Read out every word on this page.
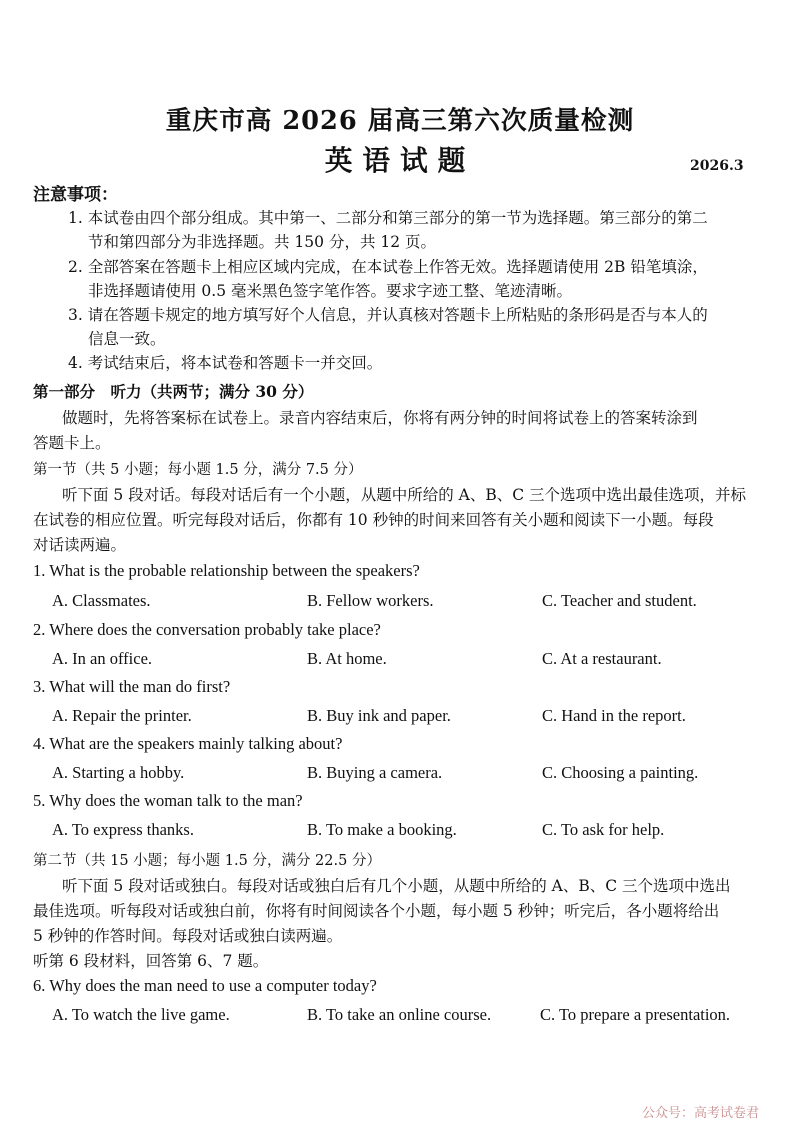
重庆市高 2026 届高三第六次质量检测
英语试题	2026.3
注意事项：
1. 本试卷由四个部分组成。其中第一、二部分和第三部分的第一节为选择题。第三部分的第二
节和第四部分为非选择题。共 150 分，共 12 页。
2. 全部答案在答题卡上相应区域内完成，在本试卷上作答无效。选择题请使用 2B 铅笔填涂，
非选择题请使用 0.5 毫米黑色签字笔作答。要求字迹工整、笔迹清晰。
3. 请在答题卡规定的地方填写好个人信息，并认真核对答题卡上所粘贴的条形码是否与本人的
信息一致。
4. 考试结束后，将本试卷和答题卡一并交回。
第一部分　听力（共两节；满分 30 分）
做题时，先将答案标在试卷上。录音内容结束后，你将有两分钟的时间将试卷上的答案转涂到
答题卡上。
第一节（共 5 小题；每小题 1.5 分，满分 7.5 分）
听下面 5 段对话。每段对话后有一个小题，从题中所给的 A、B、C 三个选项中选出最佳选项，并标
在试卷的相应位置。听完每段对话后，你都有 10 秒钟的时间来回答有关小题和阅读下一小题。每段
对话读两遍。
1. What is the probable relationship between the speakers?
A. Classmates.	B. Fellow workers.	C. Teacher and student.
2. Where does the conversation probably take place?
A. In an office.	B. At home.	C. At a restaurant.
3. What will the man do first?
A. Repair the printer.	B. Buy ink and paper.	C. Hand in the report.
4. What are the speakers mainly talking about?
A. Starting a hobby.	B. Buying a camera.	C. Choosing a painting.
5. Why does the woman talk to the man?
A. To express thanks.	B. To make a booking.	C. To ask for help.
第二节（共 15 小题；每小题 1.5 分，满分 22.5 分）
听下面 5 段对话或独白。每段对话或独白后有几个小题，从题中所给的 A、B、C 三个选项中选出
最佳选项。听每段对话或独白前，你将有时间阅读各个小题，每小题 5 秒钟；听完后，各小题将给出
5 秒钟的作答时间。每段对话或独白读两遍。
听第 6 段材料，回答第 6、7 题。
6. Why does the man need to use a computer today?
A. To watch the live game.	B. To take an online course.	C. To prepare a presentation.
公众号：高考试卷君
